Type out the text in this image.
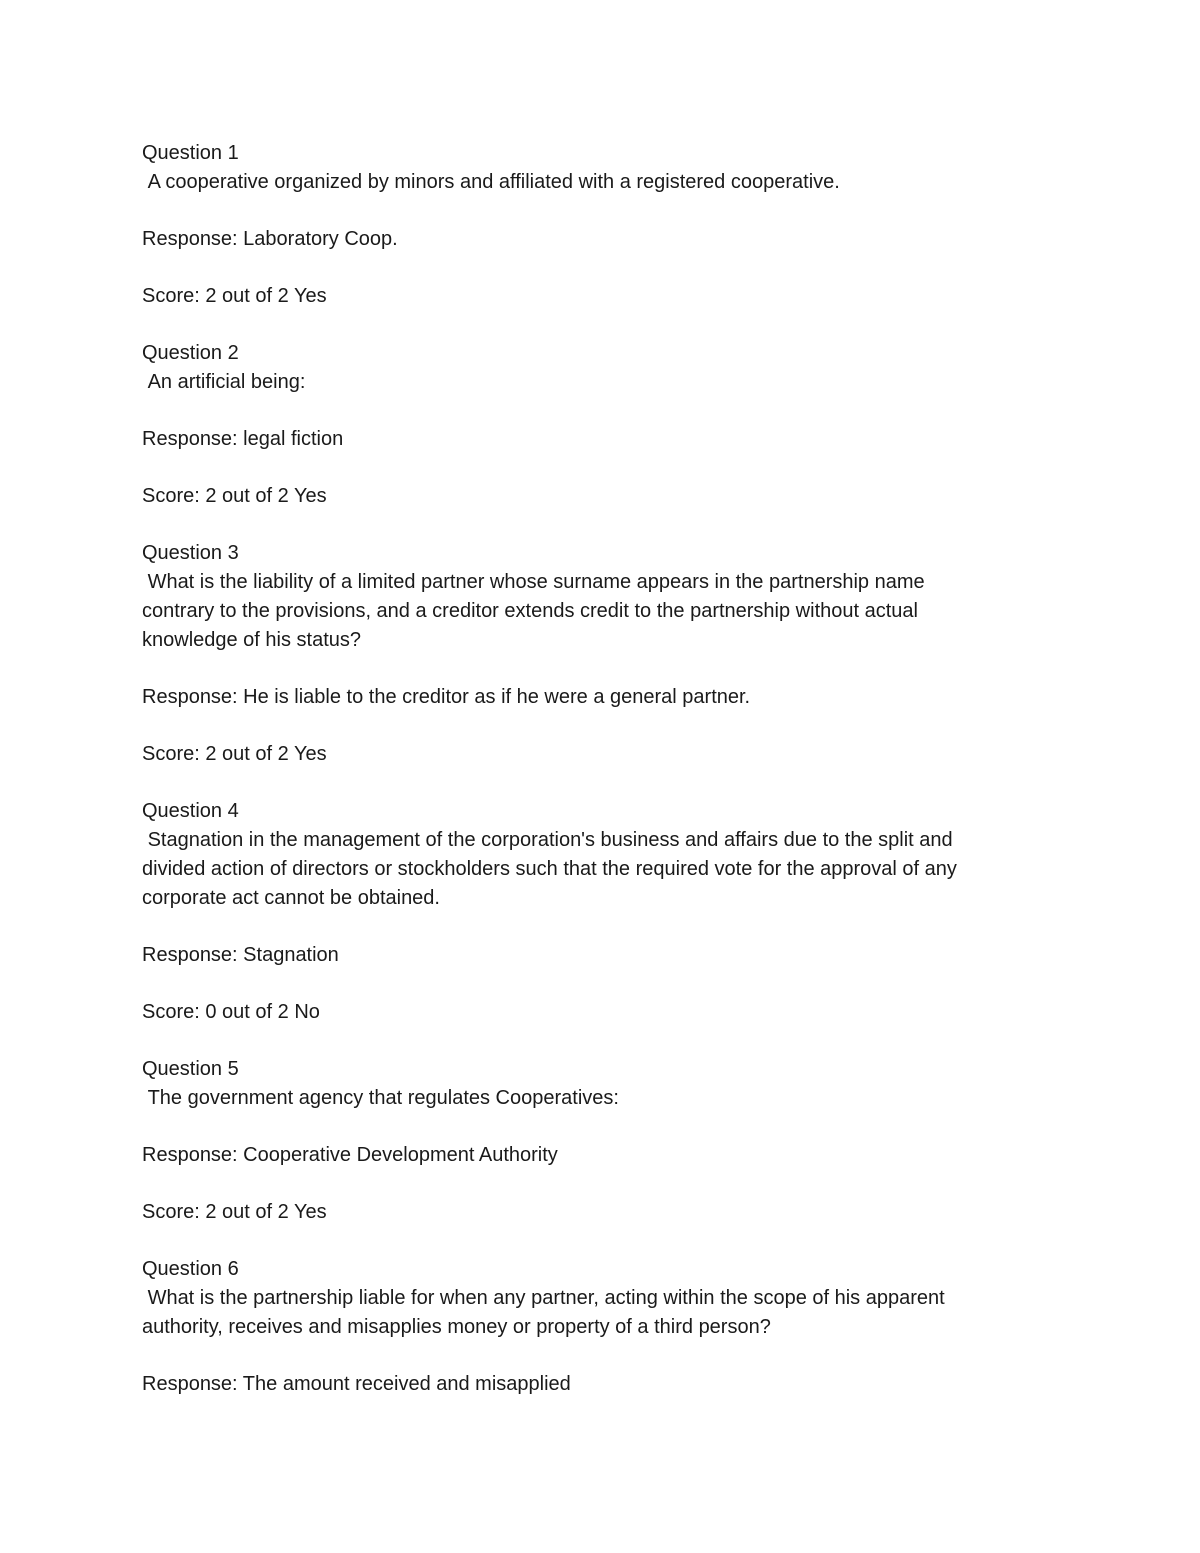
Question 1
A cooperative organized by minors and affiliated with a registered cooperative.
Response: Laboratory Coop.
Score: 2 out of 2 Yes
Question 2
An artificial being:
Response: legal fiction
Score: 2 out of 2 Yes
Question 3
What is the liability of a limited partner whose surname appears in the partnership name
contrary to the provisions, and a creditor extends credit to the partnership without actual
knowledge of his status?
Response: He is liable to the creditor as if he were a general partner.
Score: 2 out of 2 Yes
Question 4
Stagnation in the management of the corporation's business and affairs due to the split and
divided action of directors or stockholders such that the required vote for the approval of any
corporate act cannot be obtained.
Response: Stagnation
Score: 0 out of 2 No
Question 5
The government agency that regulates Cooperatives:
Response: Cooperative Development Authority
Score: 2 out of 2 Yes
Question 6
What is the partnership liable for when any partner, acting within the scope of his apparent
authority, receives and misapplies money or property of a third person?
Response: The amount received and misapplied
